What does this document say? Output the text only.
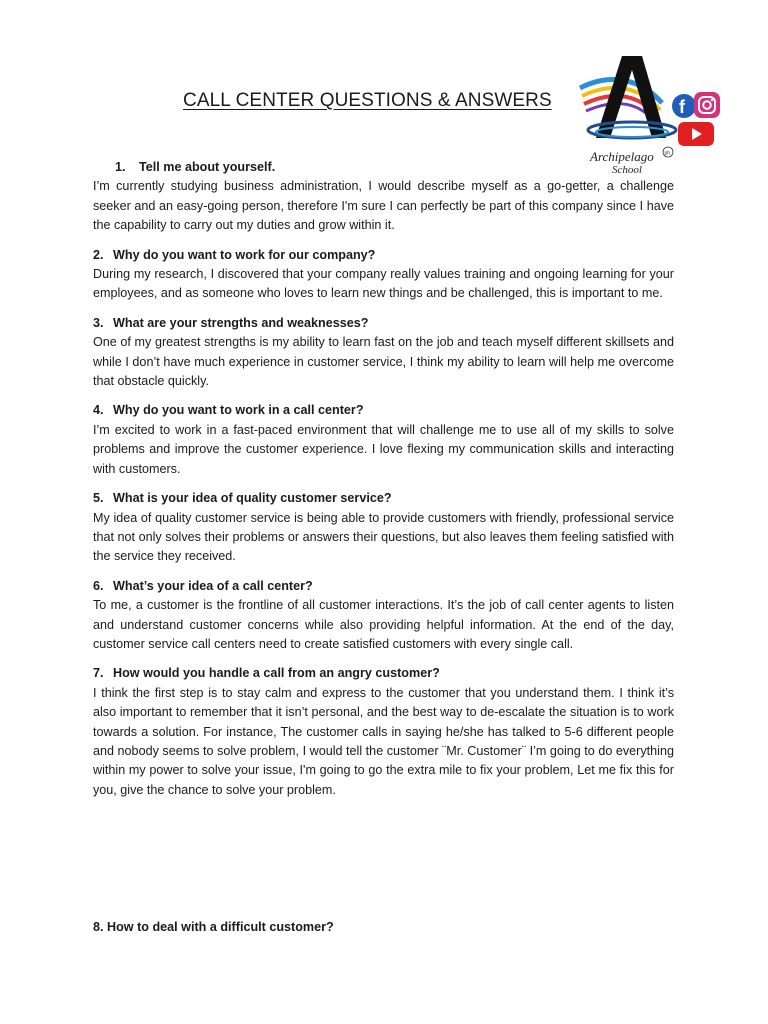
CALL CENTER QUESTIONS & ANSWERS
Archipelago
School
ph
f

1. Tell me about yourself.

I’m currently studying business administration, I would describe myself as a go-getter, a challenge seeker and an easy-going person, therefore I'm sure I can perfectly be part of this company since I have the capability to carry out my duties and grow within it.

2. Why do you want to work for our company?

During my research, I discovered that your company really values training and ongoing learning for your employees, and as someone who loves to learn new things and be challenged, this is important to me.

3. What are your strengths and weaknesses?

One of my greatest strengths is my ability to learn fast on the job and teach myself different skillsets and while I don’t have much experience in customer service, I think my ability to learn will help me overcome that obstacle quickly.

4. Why do you want to work in a call center?

I’m excited to work in a fast-paced environment that will challenge me to use all of my skills to solve problems and improve the customer experience. I love flexing my communication skills and interacting with customers.

5. What is your idea of quality customer service?

My idea of quality customer service is being able to provide customers with friendly, professional service that not only solves their problems or answers their questions, but also leaves them feeling satisfied with the service they received.

6. What’s your idea of a call center?

To me, a customer is the frontline of all customer interactions. It’s the job of call center agents to listen and understand customer concerns while also providing helpful information. At the end of the day, customer service call centers need to create satisfied customers with every single call.

7. How would you handle a call from an angry customer?

I think the first step is to stay calm and express to the customer that you understand them. I think it’s also important to remember that it isn’t personal, and the best way to de-escalate the situation is to work towards a solution. For instance, The customer calls in saying he/she has talked to 5-6 different people and nobody seems to solve problem, I would tell the customer ¨Mr. Customer¨ I’m going to do everything within my power to solve your issue, I'm going to go the extra mile to fix your problem, Let me fix this for you, give the chance to solve your problem.

8. How to deal with a difficult customer?
